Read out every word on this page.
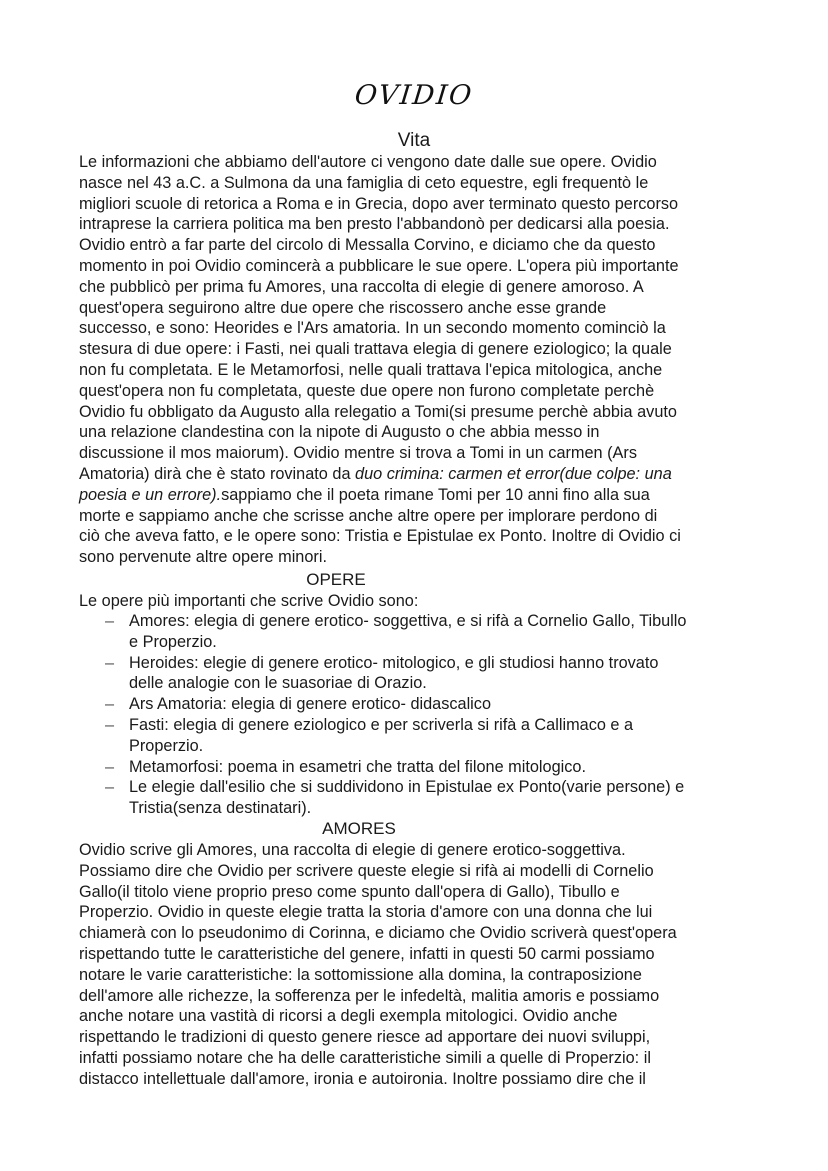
OVIDIO
Vita
Le informazioni che abbiamo dell'autore ci vengono date dalle sue opere. Ovidio
nasce nel 43 a.C. a Sulmona da una famiglia di ceto equestre, egli frequentò le
migliori scuole di retorica a Roma e in Grecia, dopo aver terminato questo percorso
intraprese la carriera politica ma ben presto l'abbandonò per dedicarsi alla poesia.
Ovidio entrò a far parte del circolo di Messalla Corvino, e diciamo che da questo
momento in poi Ovidio comincerà a pubblicare le sue opere. L'opera più importante
che pubblicò per prima fu Amores, una raccolta di elegie di genere amoroso. A
quest'opera seguirono altre due opere che riscossero anche esse grande
successo, e sono: Heorides e l'Ars amatoria. In un secondo momento cominciò la
stesura di due opere: i Fasti, nei quali trattava elegia di genere eziologico; la quale
non fu completata. E le Metamorfosi, nelle quali trattava l'epica mitologica, anche
quest'opera non fu completata, queste due opere non furono completate perchè
Ovidio fu obbligato da Augusto alla relegatio a Tomi(si presume perchè abbia avuto
una relazione clandestina con la nipote di Augusto o che abbia messo in
discussione il mos maiorum). Ovidio mentre si trova a Tomi in un carmen (Ars
Amatoria) dirà che è stato rovinato da duo crimina: carmen et error(due colpe: una
poesia e un errore).sappiamo che il poeta rimane Tomi per 10 anni fino alla sua
morte e sappiamo anche che scrisse anche altre opere per implorare perdono di
ciò che aveva fatto, e le opere sono: Tristia e Epistulae ex Ponto. Inoltre di Ovidio ci
sono pervenute altre opere minori.
OPERE
Le opere più importanti che scrive Ovidio sono:
– Amores: elegia di genere erotico- soggettiva, e si rifà a Cornelio Gallo, Tibullo
e Properzio.
– Heroides: elegie di genere erotico- mitologico, e gli studiosi hanno trovato
delle analogie con le suasoriae di Orazio.
– Ars Amatoria: elegia di genere erotico- didascalico
– Fasti: elegia di genere eziologico e per scriverla si rifà a Callimaco e a
Properzio.
– Metamorfosi: poema in esametri che tratta del filone mitologico.
– Le elegie dall'esilio che si suddividono in Epistulae ex Ponto(varie persone) e
Tristia(senza destinatari).
AMORES
Ovidio scrive gli Amores, una raccolta di elegie di genere erotico-soggettiva.
Possiamo dire che Ovidio per scrivere queste elegie si rifà ai modelli di Cornelio
Gallo(il titolo viene proprio preso come spunto dall'opera di Gallo), Tibullo e
Properzio. Ovidio in queste elegie tratta la storia d'amore con una donna che lui
chiamerà con lo pseudonimo di Corinna, e diciamo che Ovidio scriverà quest'opera
rispettando tutte le caratteristiche del genere, infatti in questi 50 carmi possiamo
notare le varie caratteristiche: la sottomissione alla domina, la contraposizione
dell'amore alle richezze, la sofferenza per le infedeltà, malitia amoris e possiamo
anche notare una vastità di ricorsi a degli exempla mitologici. Ovidio anche
rispettando le tradizioni di questo genere riesce ad apportare dei nuovi sviluppi,
infatti possiamo notare che ha delle caratteristiche simili a quelle di Properzio: il
distacco intellettuale dall'amore, ironia e autoironia. Inoltre possiamo dire che il
